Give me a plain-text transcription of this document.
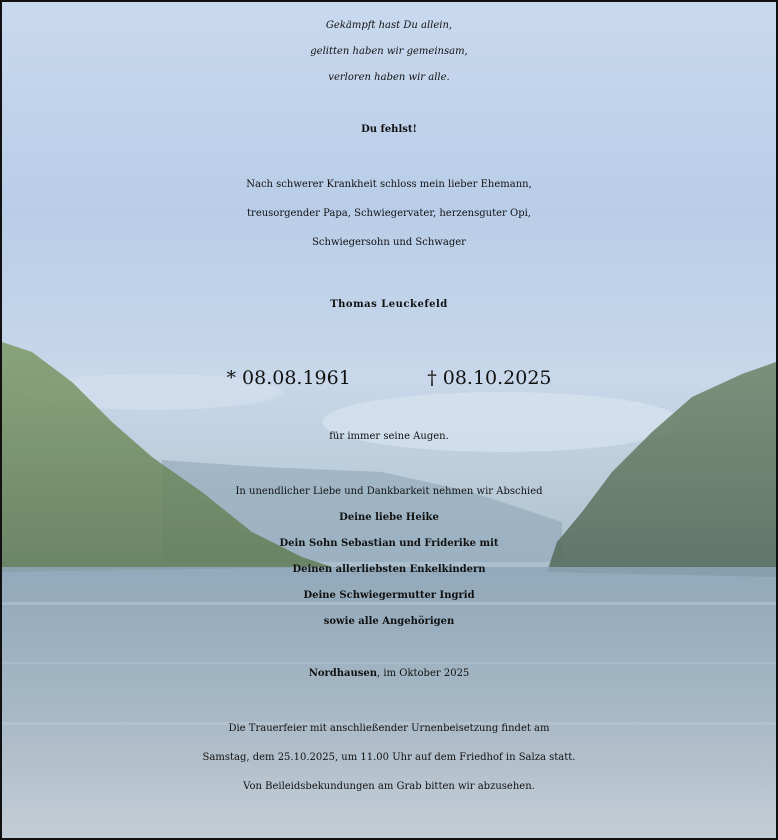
Gekämpft hast Du allein,
gelitten haben wir gemeinsam,
verloren haben wir alle.
Du fehlst!
Nach schwerer Krankheit schloss mein lieber Ehemann,
treusorgender Papa, Schwiegervater, herzensguter Opi,
Schwiegersohn und Schwager
Thomas Leuckefeld
* 08.08.1961	† 08.10.2025
für immer seine Augen.
In unendlicher Liebe und Dankbarkeit nehmen wir Abschied
Deine liebe Heike
Dein Sohn Sebastian und Friderike mit
Deinen allerliebsten Enkelkindern
Deine Schwiegermutter Ingrid
sowie alle Angehörigen
Nordhausen, im Oktober 2025
Die Trauerfeier mit anschließender Urnenbeisetzung findet am
Samstag, dem 25.10.2025, um 11.00 Uhr auf dem Friedhof in Salza statt.
Von Beileidsbekundungen am Grab bitten wir abzusehen.
